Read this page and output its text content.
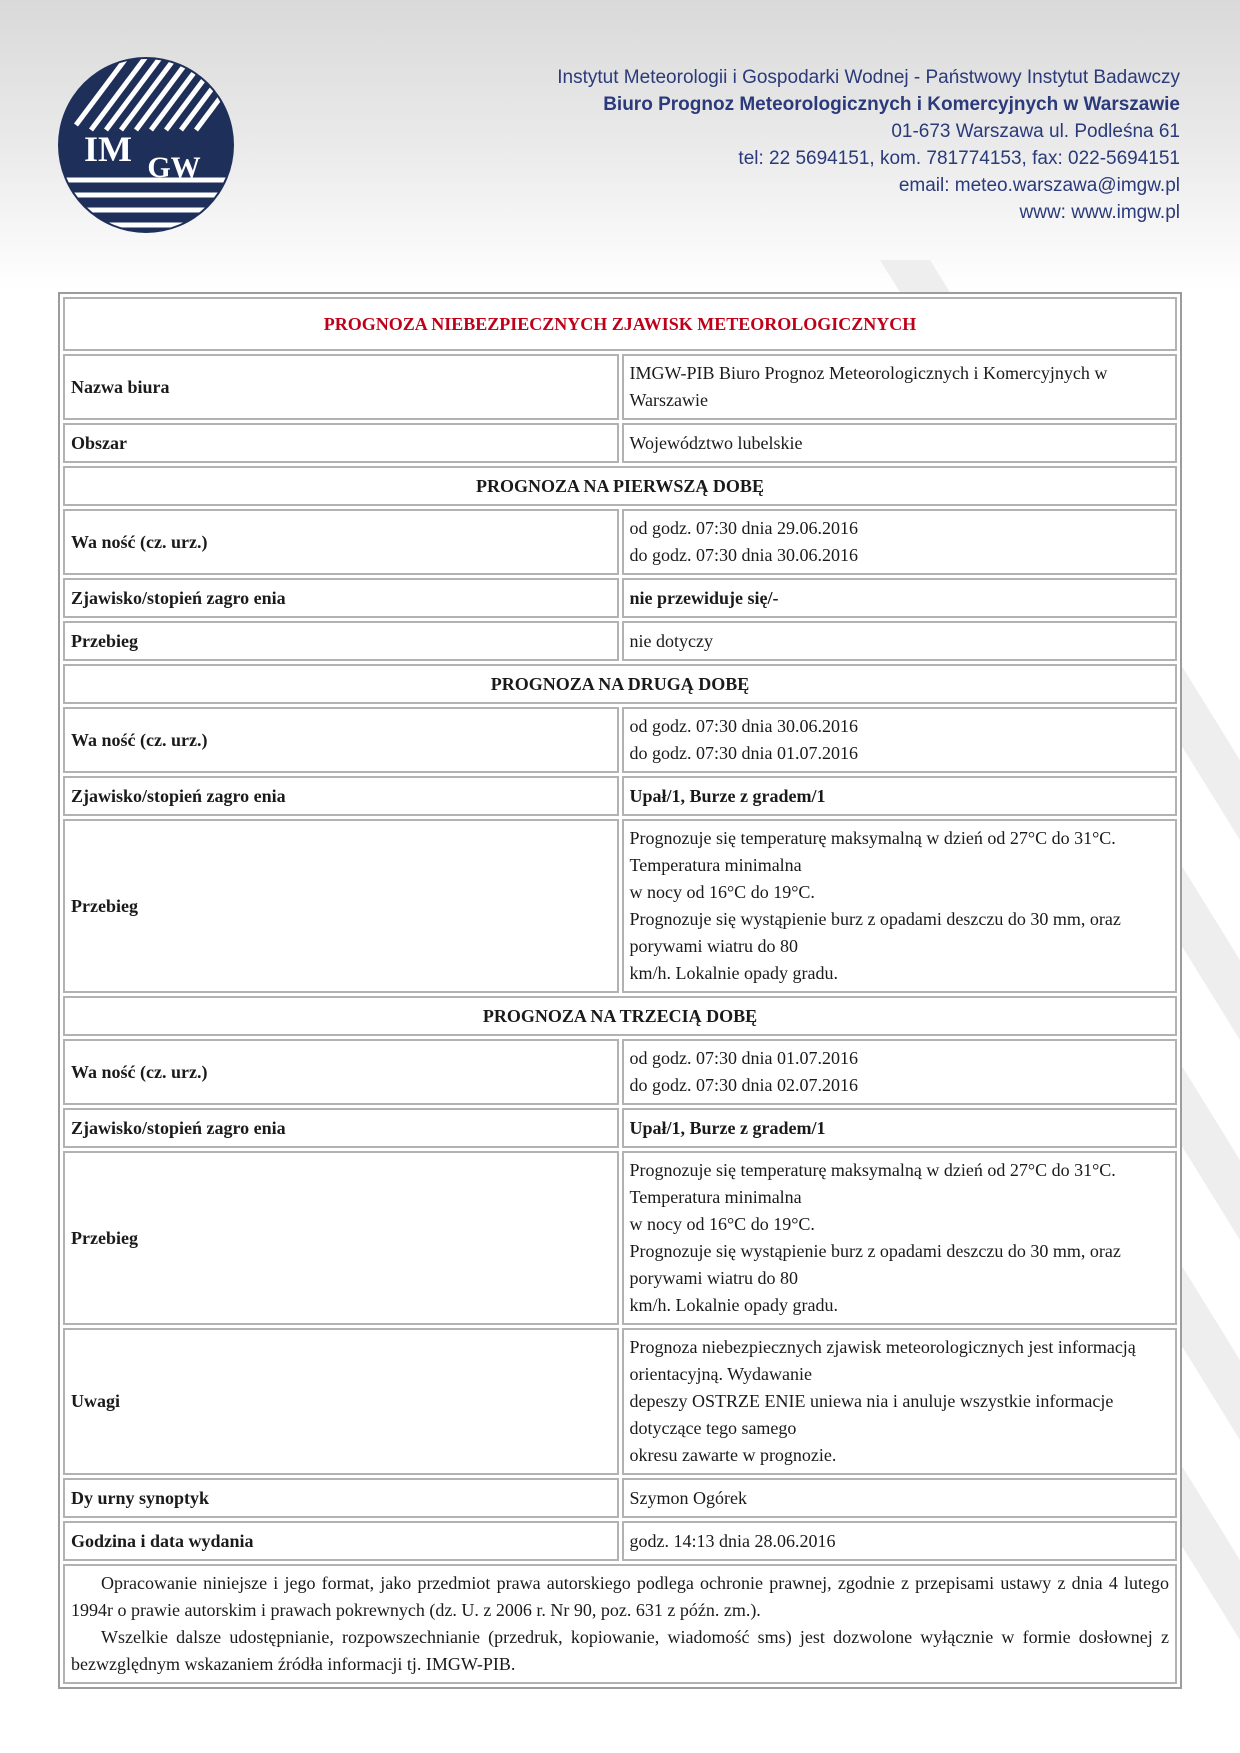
IM GW
Instytut Meteorologii i Gospodarki Wodnej - Państwowy Instytut Badawczy
Biuro Prognoz Meteorologicznych i Komercyjnych w Warszawie
01-673 Warszawa ul. Podleśna 61
tel: 22 5694151, kom. 781774153, fax: 022-5694151
email: meteo.warszawa@imgw.pl
www: www.imgw.pl
PROGNOZA NIEBEZPIECZNYCH ZJAWISK METEOROLOGICZNYCH	
Nazwa biura	IMGW-PIB Biuro Prognoz Meteorologicznych i Komercyjnych w Warszawie
Obszar	Województwo lubelskie
PROGNOZA NA PIERWSZĄ DOBĘ	
Wa ność (cz. urz.)	od godz. 07:30 dnia 29.06.2016
do godz. 07:30 dnia 30.06.2016

Zjawisko/stopień zagro enia	nie przewiduje się/-
Przebieg	nie dotyczy
PROGNOZA NA DRUGĄ DOBĘ	
Wa ność (cz. urz.)	od godz. 07:30 dnia 30.06.2016
do godz. 07:30 dnia 01.07.2016

Zjawisko/stopień zagro enia	Upał/1, Burze z gradem/1
Przebieg	Prognozuje się temperaturę maksymalną w dzień od 27°C do 31°C. Temperatura minimalna
w nocy od 16°C do 19°C.
Prognozuje się wystąpienie burz z opadami deszczu do 30 mm, oraz porywami wiatru do 80
km/h. Lokalnie opady gradu.

PROGNOZA NA TRZECIĄ DOBĘ	
Wa ność (cz. urz.)	od godz. 07:30 dnia 01.07.2016
do godz. 07:30 dnia 02.07.2016

Zjawisko/stopień zagro enia	Upał/1, Burze z gradem/1
Przebieg	Prognozuje się temperaturę maksymalną w dzień od 27°C do 31°C. Temperatura minimalna
w nocy od 16°C do 19°C.
Prognozuje się wystąpienie burz z opadami deszczu do 30 mm, oraz porywami wiatru do 80
km/h. Lokalnie opady gradu.

Uwagi	Prognoza niebezpiecznych zjawisk meteorologicznych jest informacją orientacyjną. Wydawanie
depeszy OSTRZE ENIE uniewa nia i anuluje wszystkie informacje dotyczące tego samego
okresu zawarte w prognozie.

Dy urny synoptyk	Szymon Ogórek
Godzina i data wydania	godz. 14:13 dnia 28.06.2016

Opracowanie niniejsze i jego format, jako przedmiot prawa autorskiego podlega ochronie prawnej, zgodnie z przepisami ustawy z dnia 4 lutego 1994r o prawie autorskim i prawach pokrewnych (dz. U. z 2006 r. Nr 90, poz. 631 z późn. zm.).

Wszelkie dalsze udostępnianie, rozpowszechnianie (przedruk, kopiowanie, wiadomość sms) jest dozwolone wyłącznie w formie dosłownej z bezwzględnym wskazaniem źródła informacji tj. IMGW-PIB.	
